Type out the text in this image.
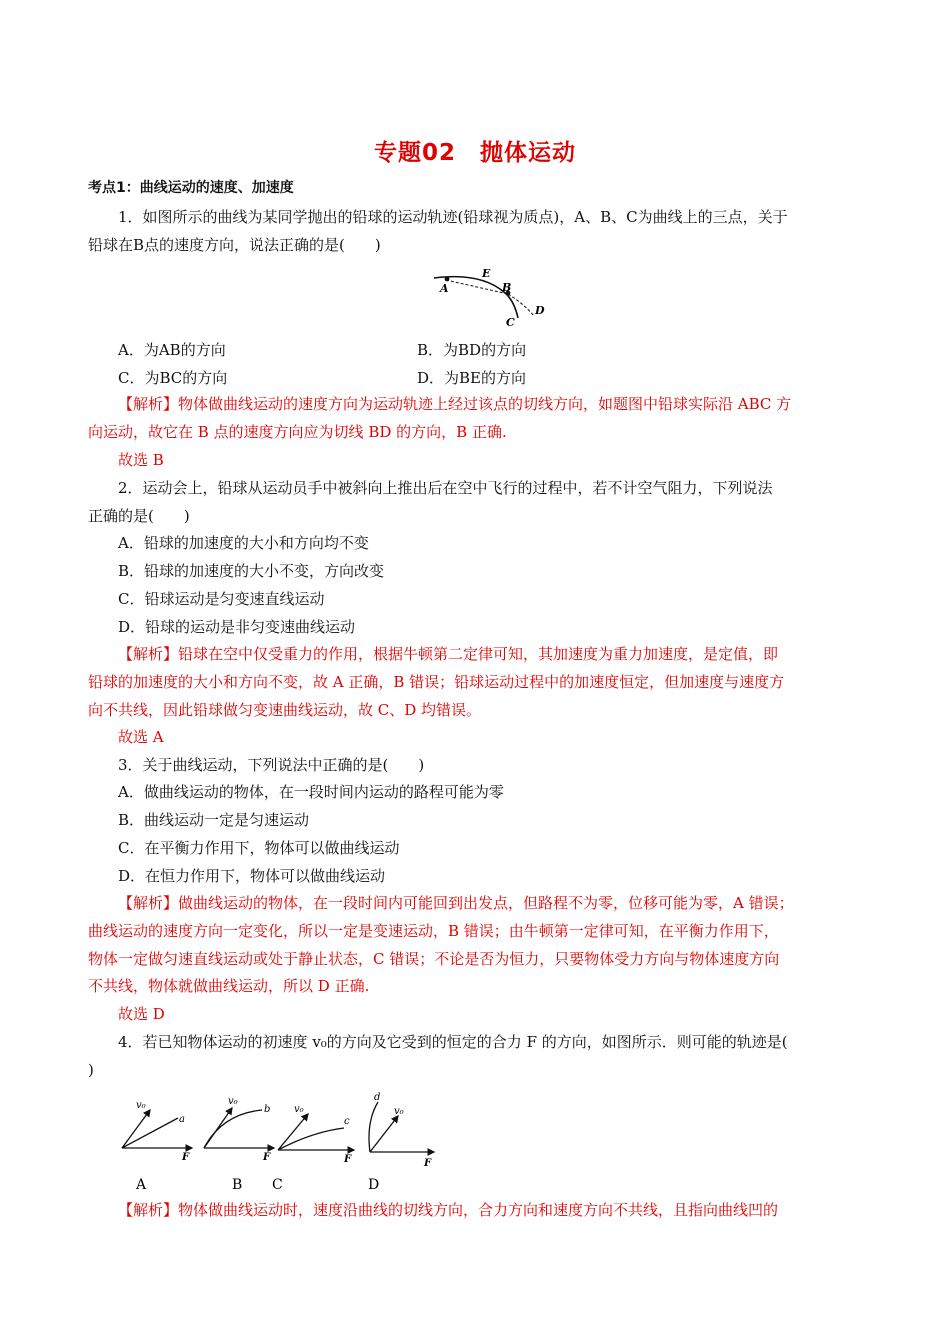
专题02　抛体运动
考点1：曲线运动的速度、加速度
1．如图所示的曲线为某同学抛出的铅球的运动轨迹(铅球视为质点)，A、B、C为曲线上的三点，关于
铅球在B点的速度方向，说法正确的是(　　)
A
E
B
C
D
A．为AB的方向	B．为BD的方向
C．为BC的方向	D．为BE的方向
【解析】物体做曲线运动的速度方向为运动轨迹上经过该点的切线方向，如题图中铅球实际沿 ABC 方
向运动，故它在 B 点的速度方向应为切线 BD 的方向，B 正确.
故选 B
2．运动会上，铅球从运动员手中被斜向上推出后在空中飞行的过程中，若不计空气阻力，下列说法
正确的是(　　)
A．铅球的加速度的大小和方向均不变
B．铅球的加速度的大小不变，方向改变
C．铅球运动是匀变速直线运动
D．铅球的运动是非匀变速曲线运动
【解析】铅球在空中仅受重力的作用，根据牛顿第二定律可知，其加速度为重力加速度，是定值，即
铅球的加速度的大小和方向不变，故 A 正确，B 错误；铅球运动过程中的加速度恒定，但加速度与速度方
向不共线，因此铅球做匀变速曲线运动，故 C、D 均错误。
故选 A
3．关于曲线运动，下列说法中正确的是(　　)
A．做曲线运动的物体，在一段时间内运动的路程可能为零
B．曲线运动一定是匀速运动
C．在平衡力作用下，物体可以做曲线运动
D．在恒力作用下，物体可以做曲线运动
【解析】做曲线运动的物体，在一段时间内可能回到出发点，但路程不为零，位移可能为零，A 错误；
曲线运动的速度方向一定变化，所以一定是变速运动，B 错误；由牛顿第一定律可知，在平衡力作用下，
物体一定做匀速直线运动或处于静止状态，C 错误；不论是否为恒力，只要物体受力方向与物体速度方向
不共线，物体就做曲线运动，所以 D 正确.
故选 D
4．若已知物体运动的初速度 v₀的方向及它受到的恒定的合力 F 的方向，如图所示．则可能的轨迹是(
)
v₀
a
F
v₀
b
F
v₀
c
F
v₀
d
F
A	B C	D
【解析】物体做曲线运动时，速度沿曲线的切线方向，合力方向和速度方向不共线，且指向曲线凹的
